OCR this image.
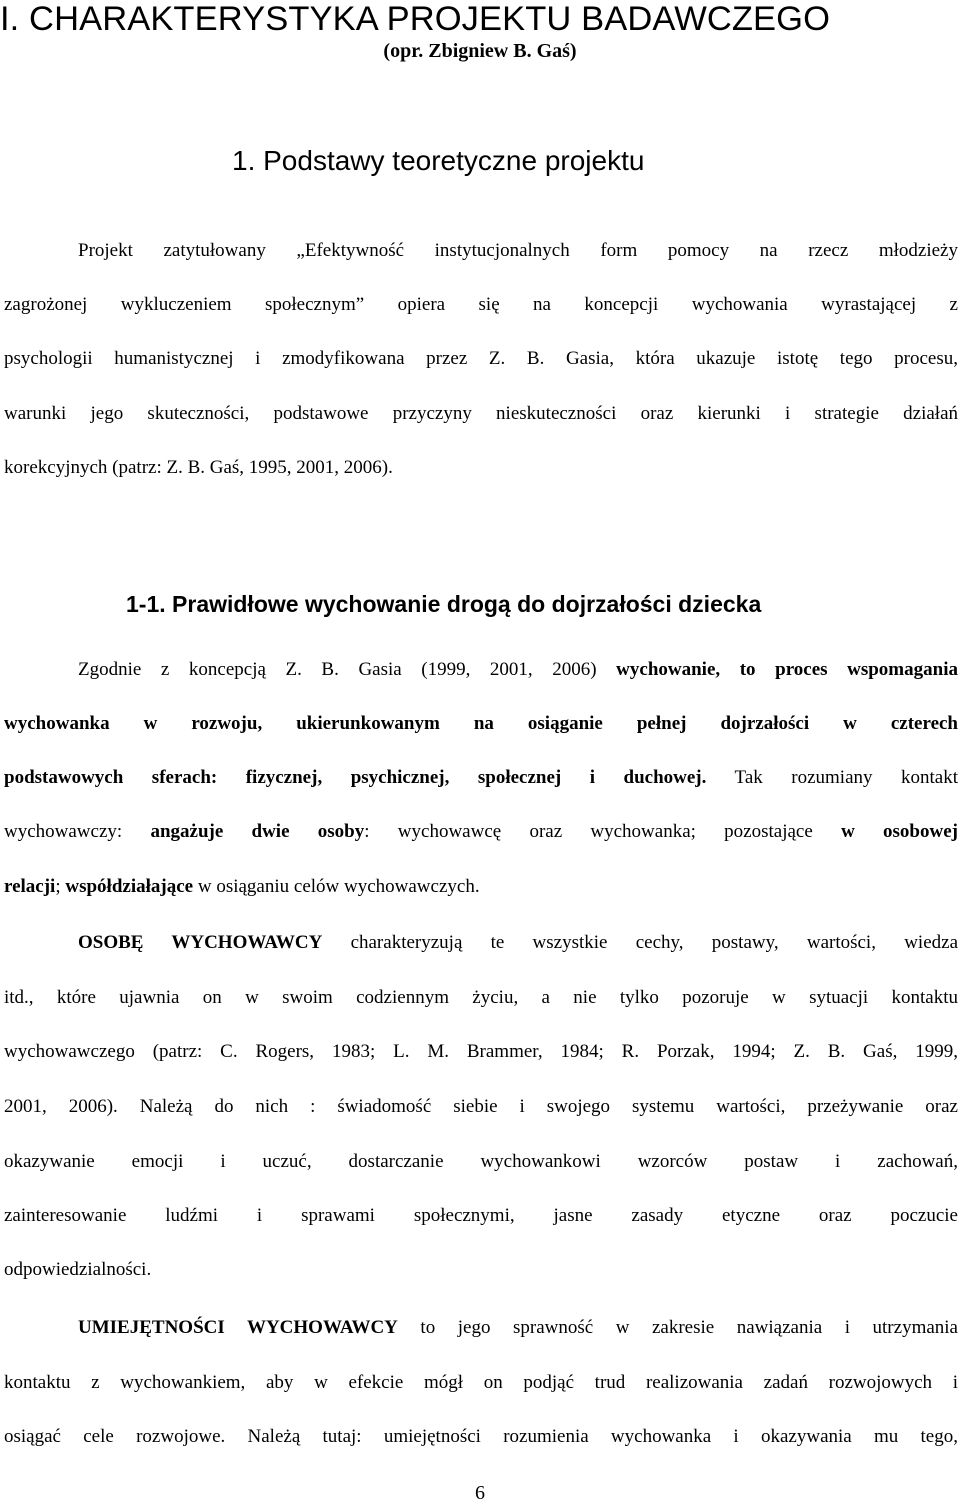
I. CHARAKTERYSTYKA PROJEKTU BADAWCZEGO
(opr. Zbigniew B. Gaś)
1. Podstawy teoretyczne projektu
Projekt zatytułowany „Efektywność instytucjonalnych form pomocy na rzecz młodzieży
zagrożonej wykluczeniem społecznym” opiera się na koncepcji wychowania wyrastającej z
psychologii humanistycznej i zmodyfikowana przez Z. B. Gasia, która ukazuje istotę tego procesu,
warunki jego skuteczności, podstawowe przyczyny nieskuteczności oraz kierunki i strategie działań
korekcyjnych (patrz: Z. B. Gaś, 1995, 2001, 2006).
1-1. Prawidłowe wychowanie drogą do dojrzałości dziecka
Zgodnie z koncepcją Z. B. Gasia (1999, 2001, 2006) wychowanie, to proces wspomagania
wychowanka w rozwoju, ukierunkowanym na osiąganie pełnej dojrzałości w czterech
podstawowych sferach: fizycznej, psychicznej, społecznej i duchowej. Tak rozumiany kontakt
wychowawczy: angażuje dwie osoby: wychowawcę oraz wychowanka; pozostające w osobowej
relacji; współdziałające w osiąganiu celów wychowawczych.
OSOBĘ WYCHOWAWCY charakteryzują te wszystkie cechy, postawy, wartości, wiedza
itd., które ujawnia on w swoim codziennym życiu, a nie tylko pozoruje w sytuacji kontaktu
wychowawczego (patrz: C. Rogers, 1983; L. M. Brammer, 1984; R. Porzak, 1994; Z. B. Gaś, 1999,
2001, 2006). Należą do nich : świadomość siebie i swojego systemu wartości, przeżywanie oraz
okazywanie emocji i uczuć, dostarczanie wychowankowi wzorców postaw i zachowań,
zainteresowanie ludźmi i sprawami społecznymi, jasne zasady etyczne oraz poczucie
odpowiedzialności.
UMIEJĘTNOŚCI WYCHOWAWCY to jego sprawność w zakresie nawiązania i utrzymania
kontaktu z wychowankiem, aby w efekcie mógł on podjąć trud realizowania zadań rozwojowych i
osiągać cele rozwojowe. Należą tutaj: umiejętności rozumienia wychowanka i okazywania mu tego,
6
